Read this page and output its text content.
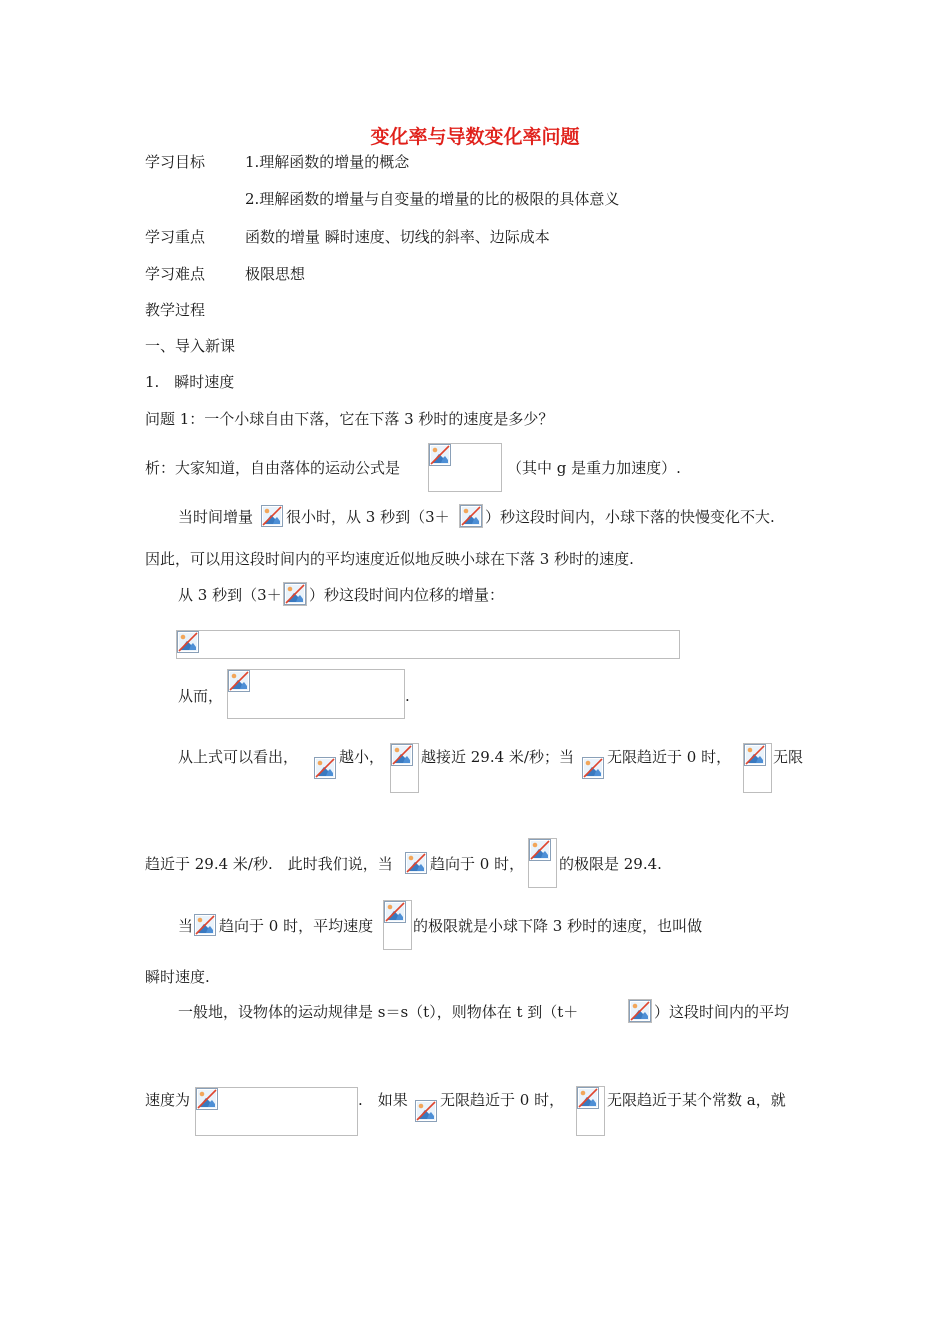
变化率与导数变化率问题
学习目标	1.理解函数的增量的概念
2.理解函数的增量与自变量的增量的比的极限的具体意义
学习重点	函数的增量 瞬时速度、切线的斜率、边际成本
学习难点	极限思想
教学过程
一、导入新课
1.　瞬时速度
问题 1：一个小球自由下落，它在下落 3 秒时的速度是多少？
析：大家知道，自由落体的运动公式是	（其中 g 是重力加速度）.
当时间增量 很小时，从 3 秒到（3＋ ）秒这段时间内，小球下落的快慢变化不大.
因此，可以用这段时间内的平均速度近似地反映小球在下落 3 秒时的速度.
从 3 秒到（3＋ ）秒这段时间内位移的增量：
从而，	.
从上式可以看出，	越小， 越接近 29.4 米/秒；当 无限趋近于 0 时，	无限
趋近于 29.4 米/秒.　此时我们说，当 趋向于 0 时， 的极限是 29.4.
当 趋向于 0 时，平均速度	的极限就是小球下降 3 秒时的速度，也叫做
瞬时速度.
一般地，设物体的运动规律是 s＝s（t），则物体在 t 到（t＋	）这段时间内的平均
速度为	.　如果 无限趋近于 0 时，	无限趋近于某个常数 a，就
